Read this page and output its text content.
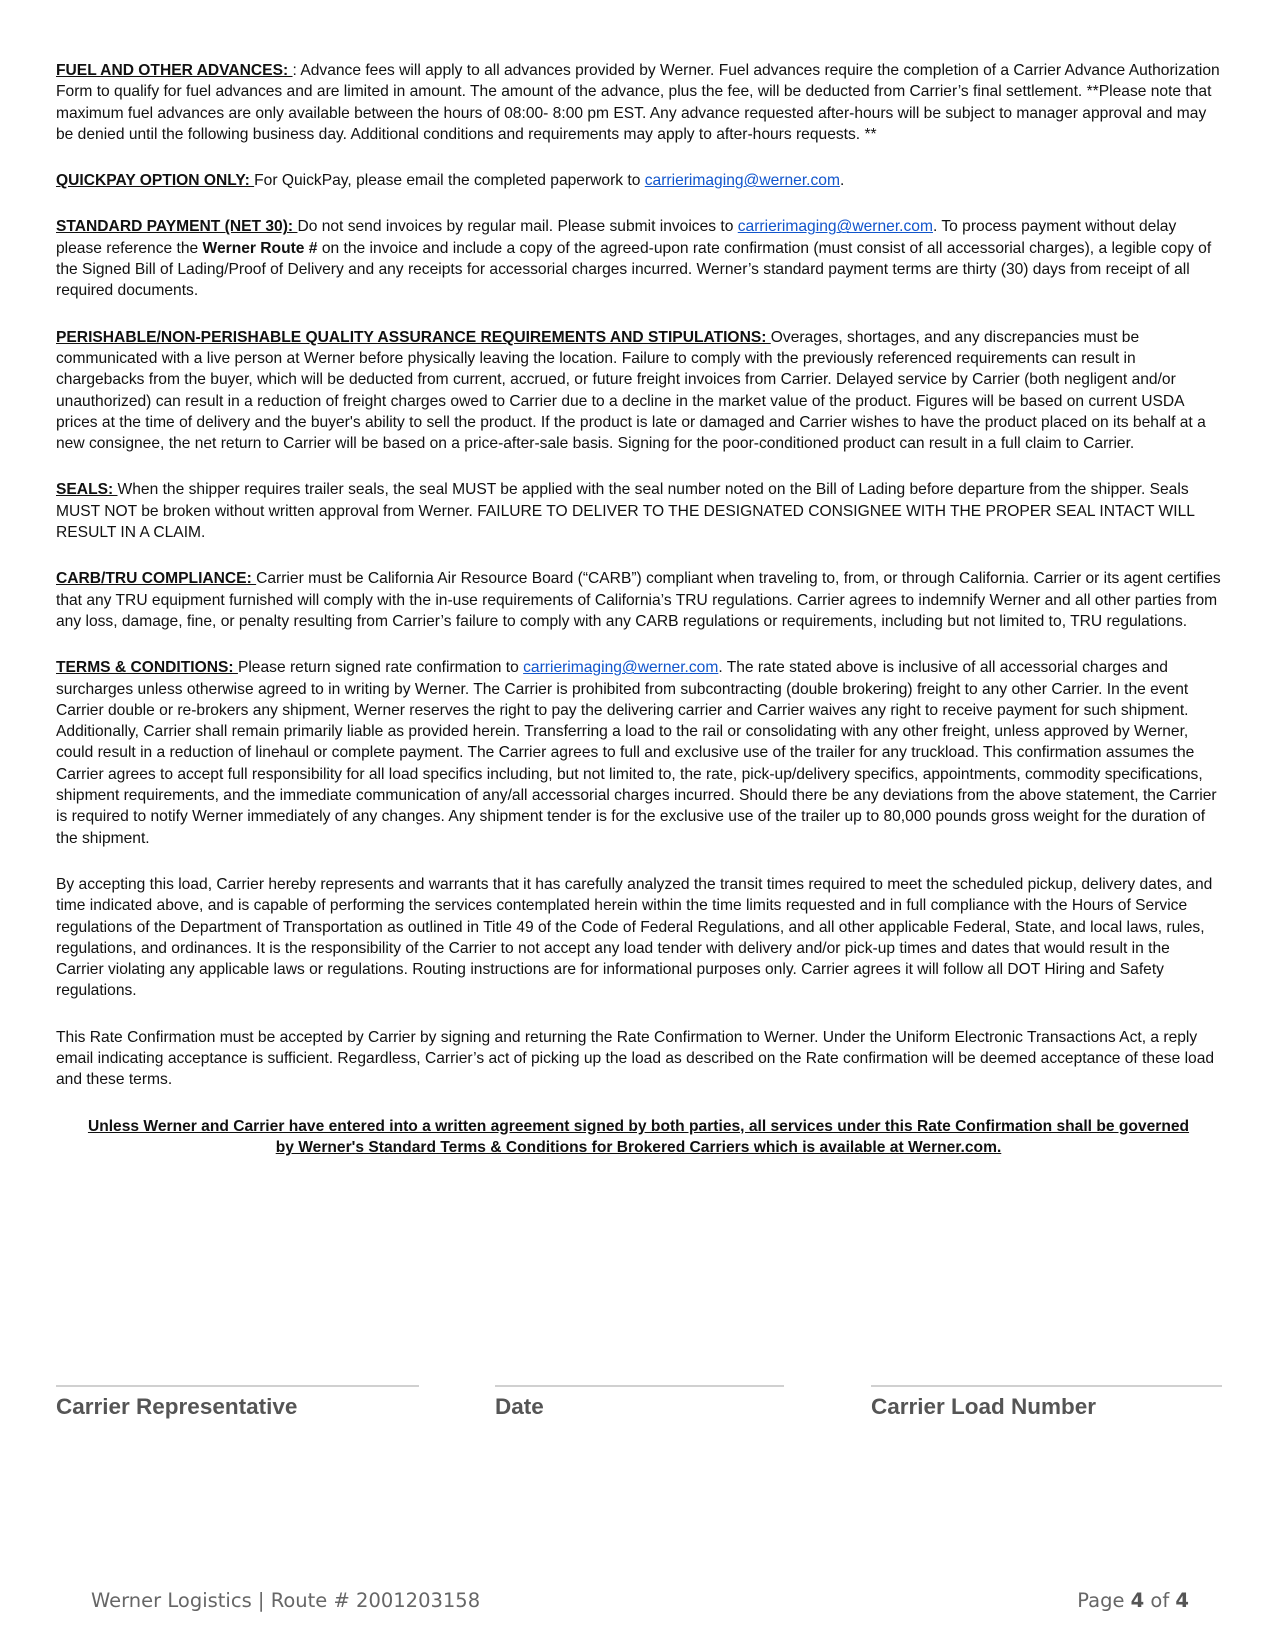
FUEL AND OTHER ADVANCES: : Advance fees will apply to all advances provided by Werner. Fuel advances require the completion of a Carrier Advance Authorization Form to qualify for fuel advances and are limited in amount. The amount of the advance, plus the fee, will be deducted from Carrier’s final settlement. **Please note that maximum fuel advances are only available between the hours of 08:00- 8:00 pm EST. Any advance requested after-hours will be subject to manager approval and may be denied until the following business day. Additional conditions and requirements may apply to after-hours requests. **

QUICKPAY OPTION ONLY: For QuickPay, please email the completed paperwork to carrierimaging@werner.com.

STANDARD PAYMENT (NET 30): Do not send invoices by regular mail. Please submit invoices to carrierimaging@werner.com. To process payment without delay please reference the Werner Route # on the invoice and include a copy of the agreed-upon rate confirmation (must consist of all accessorial charges), a legible copy of the Signed Bill of Lading/Proof of Delivery and any receipts for accessorial charges incurred. Werner’s standard payment terms are thirty (30) days from receipt of all required documents.

PERISHABLE/NON-PERISHABLE QUALITY ASSURANCE REQUIREMENTS AND STIPULATIONS: Overages, shortages, and any discrepancies must be communicated with a live person at Werner before physically leaving the location. Failure to comply with the previously referenced requirements can result in chargebacks from the buyer, which will be deducted from current, accrued, or future freight invoices from Carrier. Delayed service by Carrier (both negligent and/or unauthorized) can result in a reduction of freight charges owed to Carrier due to a decline in the market value of the product. Figures will be based on current USDA prices at the time of delivery and the buyer's ability to sell the product. If the product is late or damaged and Carrier wishes to have the product placed on its behalf at a new consignee, the net return to Carrier will be based on a price-after-sale basis. Signing for the poor-conditioned product can result in a full claim to Carrier.

SEALS: When the shipper requires trailer seals, the seal MUST be applied with the seal number noted on the Bill of Lading before departure from the shipper. Seals MUST NOT be broken without written approval from Werner. FAILURE TO DELIVER TO THE DESIGNATED CONSIGNEE WITH THE PROPER SEAL INTACT WILL RESULT IN A CLAIM.

CARB/TRU COMPLIANCE: Carrier must be California Air Resource Board (“CARB”) compliant when traveling to, from, or through California. Carrier or its agent certifies that any TRU equipment furnished will comply with the in-use requirements of California’s TRU regulations. Carrier agrees to indemnify Werner and all other parties from any loss, damage, fine, or penalty resulting from Carrier’s failure to comply with any CARB regulations or requirements, including but not limited to, TRU regulations.

TERMS & CONDITIONS: Please return signed rate confirmation to carrierimaging@werner.com. The rate stated above is inclusive of all accessorial charges and surcharges unless otherwise agreed to in writing by Werner. The Carrier is prohibited from subcontracting (double brokering) freight to any other Carrier. In the event Carrier double or re-brokers any shipment, Werner reserves the right to pay the delivering carrier and Carrier waives any right to receive payment for such shipment. Additionally, Carrier shall remain primarily liable as provided herein. Transferring a load to the rail or consolidating with any other freight, unless approved by Werner, could result in a reduction of linehaul or complete payment. The Carrier agrees to full and exclusive use of the trailer for any truckload. This confirmation assumes the Carrier agrees to accept full responsibility for all load specifics including, but not limited to, the rate, pick-up/delivery specifics, appointments, commodity specifications, shipment requirements, and the immediate communication of any/all accessorial charges incurred. Should there be any deviations from the above statement, the Carrier is required to notify Werner immediately of any changes. Any shipment tender is for the exclusive use of the trailer up to 80,000 pounds gross weight for the duration of the shipment.

By accepting this load, Carrier hereby represents and warrants that it has carefully analyzed the transit times required to meet the scheduled pickup, delivery dates, and time indicated above, and is capable of performing the services contemplated herein within the time limits requested and in full compliance with the Hours of Service regulations of the Department of Transportation as outlined in Title 49 of the Code of Federal Regulations, and all other applicable Federal, State, and local laws, rules, regulations, and ordinances. It is the responsibility of the Carrier to not accept any load tender with delivery and/or pick-up times and dates that would result in the Carrier violating any applicable laws or regulations. Routing instructions are for informational purposes only. Carrier agrees it will follow all DOT Hiring and Safety regulations.

This Rate Confirmation must be accepted by Carrier by signing and returning the Rate Confirmation to Werner. Under the Uniform Electronic Transactions Act, a reply email indicating acceptance is sufficient. Regardless, Carrier’s act of picking up the load as described on the Rate confirmation will be deemed acceptance of these load and these terms.

Unless Werner and Carrier have entered into a written agreement signed by both parties, all services under this Rate Confirmation shall be governed by Werner's Standard Terms & Conditions for Brokered Carriers which is available at Werner.com.

Carrier Representative	Date	Carrier Load Number
Werner Logistics | Route # 2001203158	Page 4 of 4
